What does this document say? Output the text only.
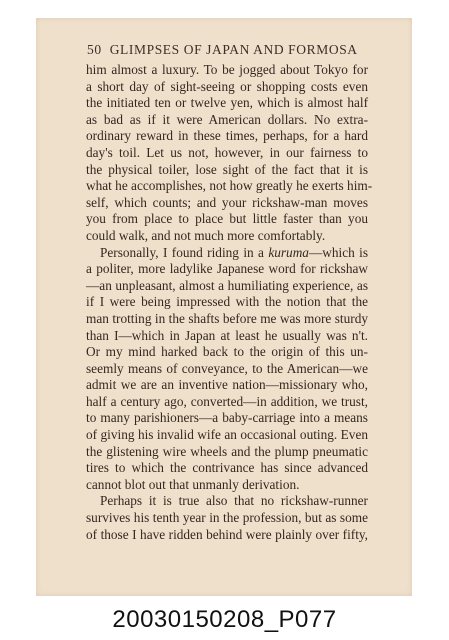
50 GLIMPSES OF JAPAN AND FORMOSA
him almost a luxury. To be jogged about Tokyo for
a short day of sight-seeing or shopping costs even
the initiated ten or twelve yen, which is almost half
as bad as if it were American dollars. No extra-
ordinary reward in these times, perhaps, for a hard
day's toil. Let us not, however, in our fairness to
the physical toiler, lose sight of the fact that it is
what he accomplishes, not how greatly he exerts him-
self, which counts; and your rickshaw-man moves
you from place to place but little faster than you
could walk, and not much more comfortably.
Personally, I found riding in a kuruma—which is
a politer, more ladylike Japanese word for rickshaw
—an unpleasant, almost a humiliating experience, as
if I were being impressed with the notion that the
man trotting in the shafts before me was more sturdy
than I—which in Japan at least he usually was n't.
Or my mind harked back to the origin of this un-
seemly means of conveyance, to the American—we
admit we are an inventive nation—missionary who,
half a century ago, converted—in addition, we trust,
to many parishioners—a baby-carriage into a means
of giving his invalid wife an occasional outing. Even
the glistening wire wheels and the plump pneumatic
tires to which the contrivance has since advanced
cannot blot out that unmanly derivation.
Perhaps it is true also that no rickshaw-runner
survives his tenth year in the profession, but as some
of those I have ridden behind were plainly over fifty,
20030150208_P077
